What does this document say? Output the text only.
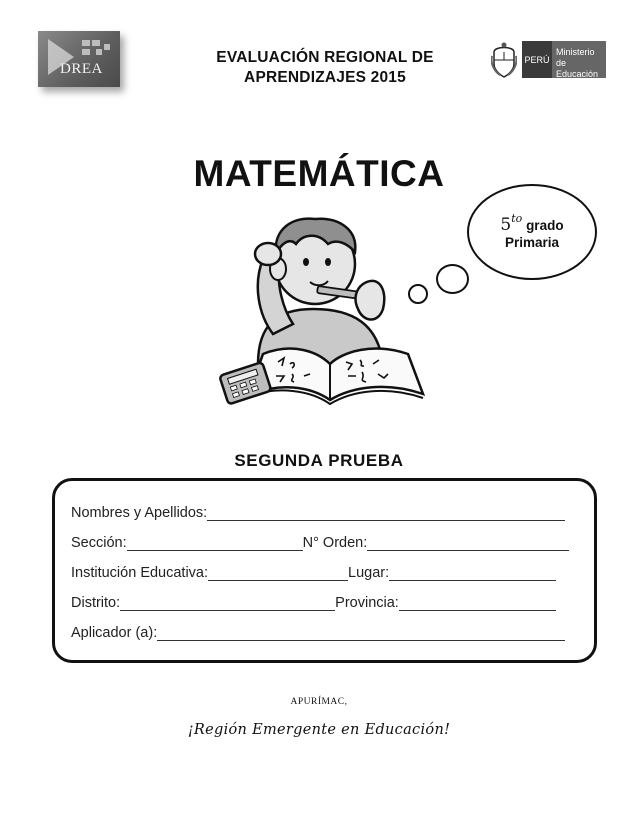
DREA
EVALUACIÓN REGIONAL DE
APRENDIZAJES 2015
PERÚ
Ministerio
de Educación
MATEMÁTICA
$5^{to}$ grado
Primaria
SEGUNDA PRUEBA
Nombres y Apellidos:
Sección:	N° Orden:
Institución Educativa:	Lugar:
Distrito:	Provincia:
Aplicador (a):
APURÍMAC,
¡Región Emergente en Educación!
